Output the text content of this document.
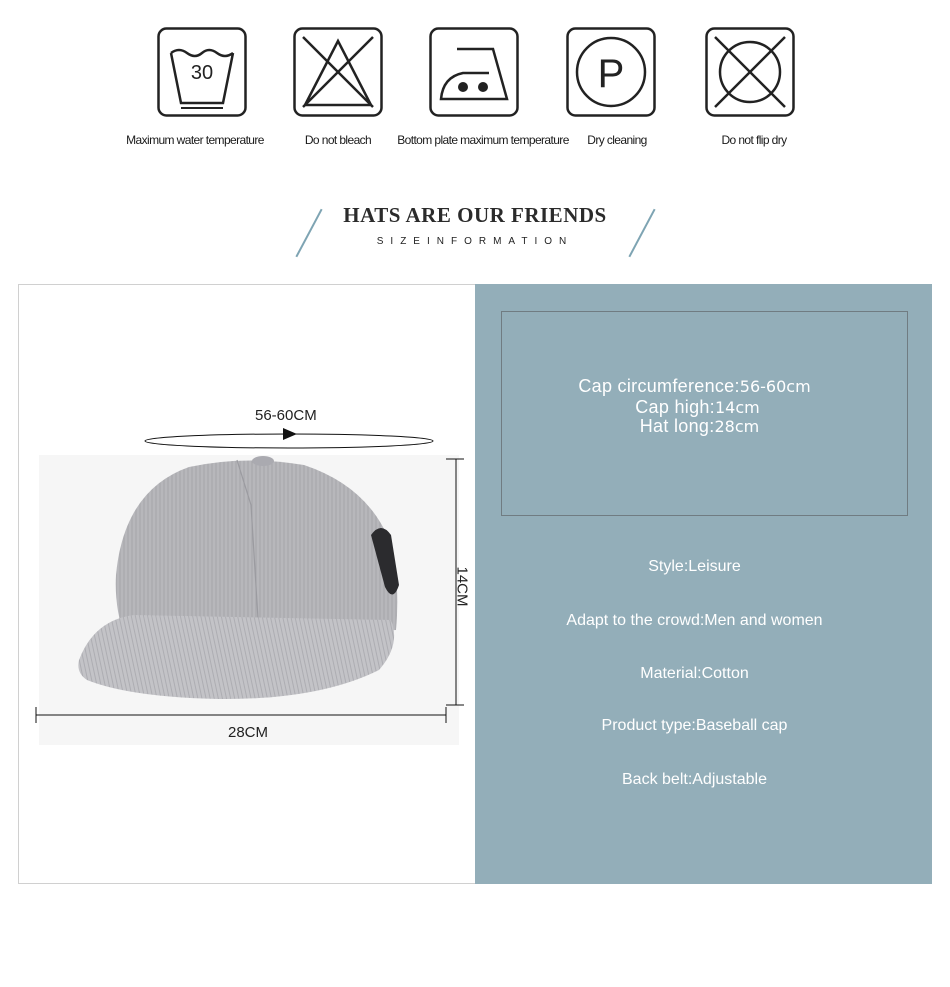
30	P
Maximum water temperature	Do not bleach Bottom plate maximum temperature Dry cleaning	Do not flip dry
HATS ARE OUR FRIENDS
SIZEINFORMATION
56-60CM
14CM
28CM
Cap circumference:56-60cm
Cap high:14cm
Hat long:28cm
Style:Leisure
Adapt to the crowd:Men and women
Material:Cotton
Product type:Baseball cap
Back belt:Adjustable
